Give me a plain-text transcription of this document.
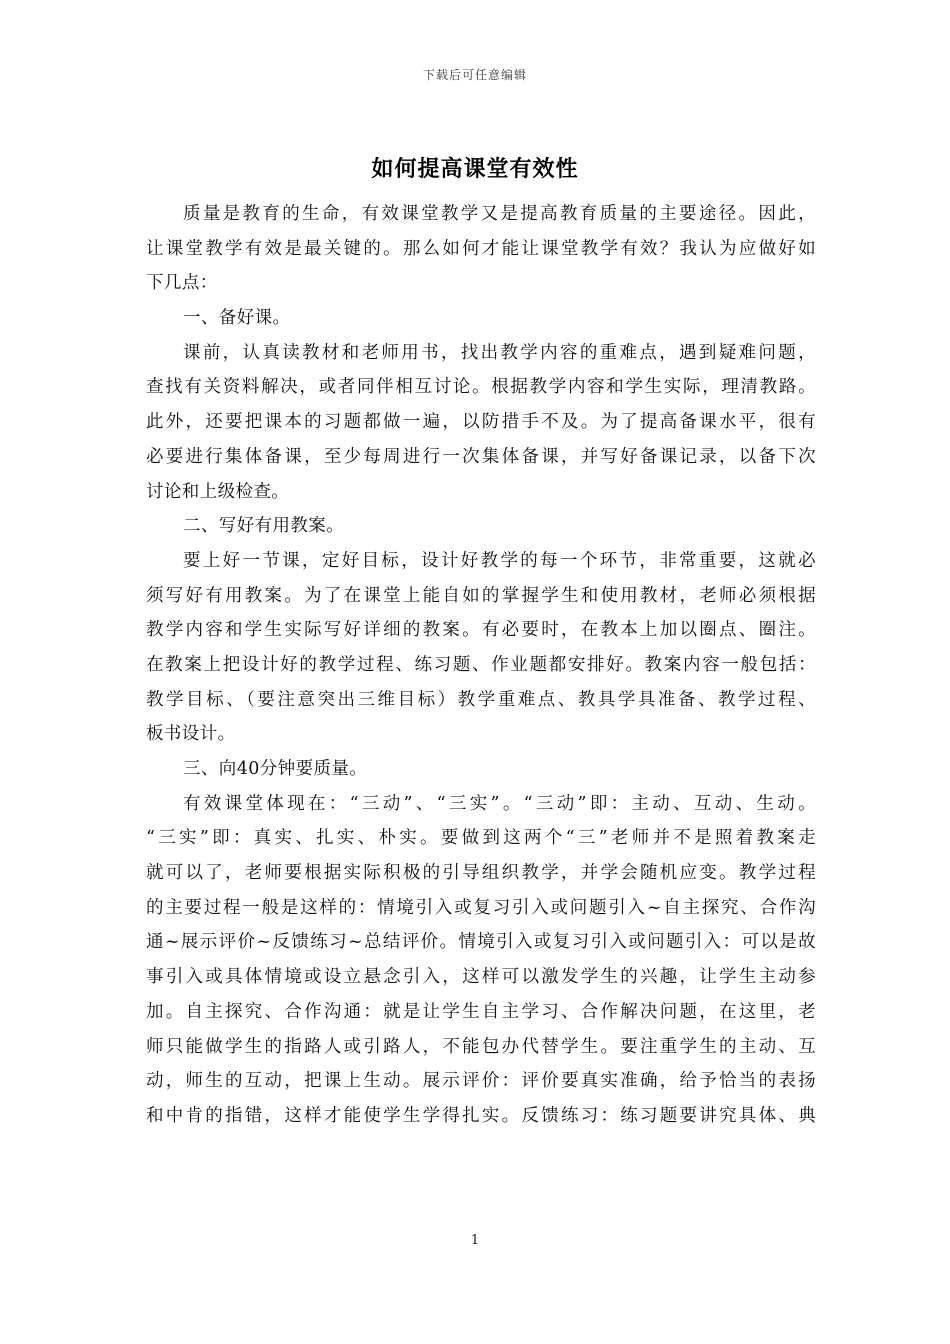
下载后可任意编辑
如何提高课堂有效性
质量是教育的生命，有效课堂教学又是提高教育质量的主要途径。因此，
让课堂教学有效是最关键的。那么如何才能让课堂教学有效？我认为应做好如
下几点：
一、备好课。
课前，认真读教材和老师用书，找出教学内容的重难点，遇到疑难问题，
查找有关资料解决，或者同伴相互讨论。根据教学内容和学生实际，理清教路。
此外，还要把课本的习题都做一遍，以防措手不及。为了提高备课水平，很有
必要进行集体备课，至少每周进行一次集体备课，并写好备课记录，以备下次
讨论和上级检查。
二、写好有用教案。
要上好一节课，定好目标，设计好教学的每一个环节，非常重要，这就必
须写好有用教案。为了在课堂上能自如的掌握学生和使用教材，老师必须根据
教学内容和学生实际写好详细的教案。有必要时，在教本上加以圈点、圈注。
在教案上把设计好的教学过程、练习题、作业题都安排好。教案内容一般包括：
教学目标、（要注意突出三维目标）教学重难点、教具学具准备、教学过程、
板书设计。
三、向40分钟要质量。
有效课堂体现在：“三动”、“三实”。“三动”即：主动、互动、生动。
“三实”即：真实、扎实、朴实。要做到这两个“三”老师并不是照着教案走
就可以了，老师要根据实际积极的引导组织教学，并学会随机应变。教学过程
的主要过程一般是这样的：情境引入或复习引入或问题引入~自主探究、合作沟
通~展示评价~反馈练习~总结评价。情境引入或复习引入或问题引入：可以是故
事引入或具体情境或设立悬念引入，这样可以激发学生的兴趣，让学生主动参
加。自主探究、合作沟通：就是让学生自主学习、合作解决问题，在这里，老
师只能做学生的指路人或引路人，不能包办代替学生。要注重学生的主动、互
动，师生的互动，把课上生动。展示评价：评价要真实准确，给予恰当的表扬
和中肯的指错，这样才能使学生学得扎实。反馈练习：练习题要讲究具体、典
1
